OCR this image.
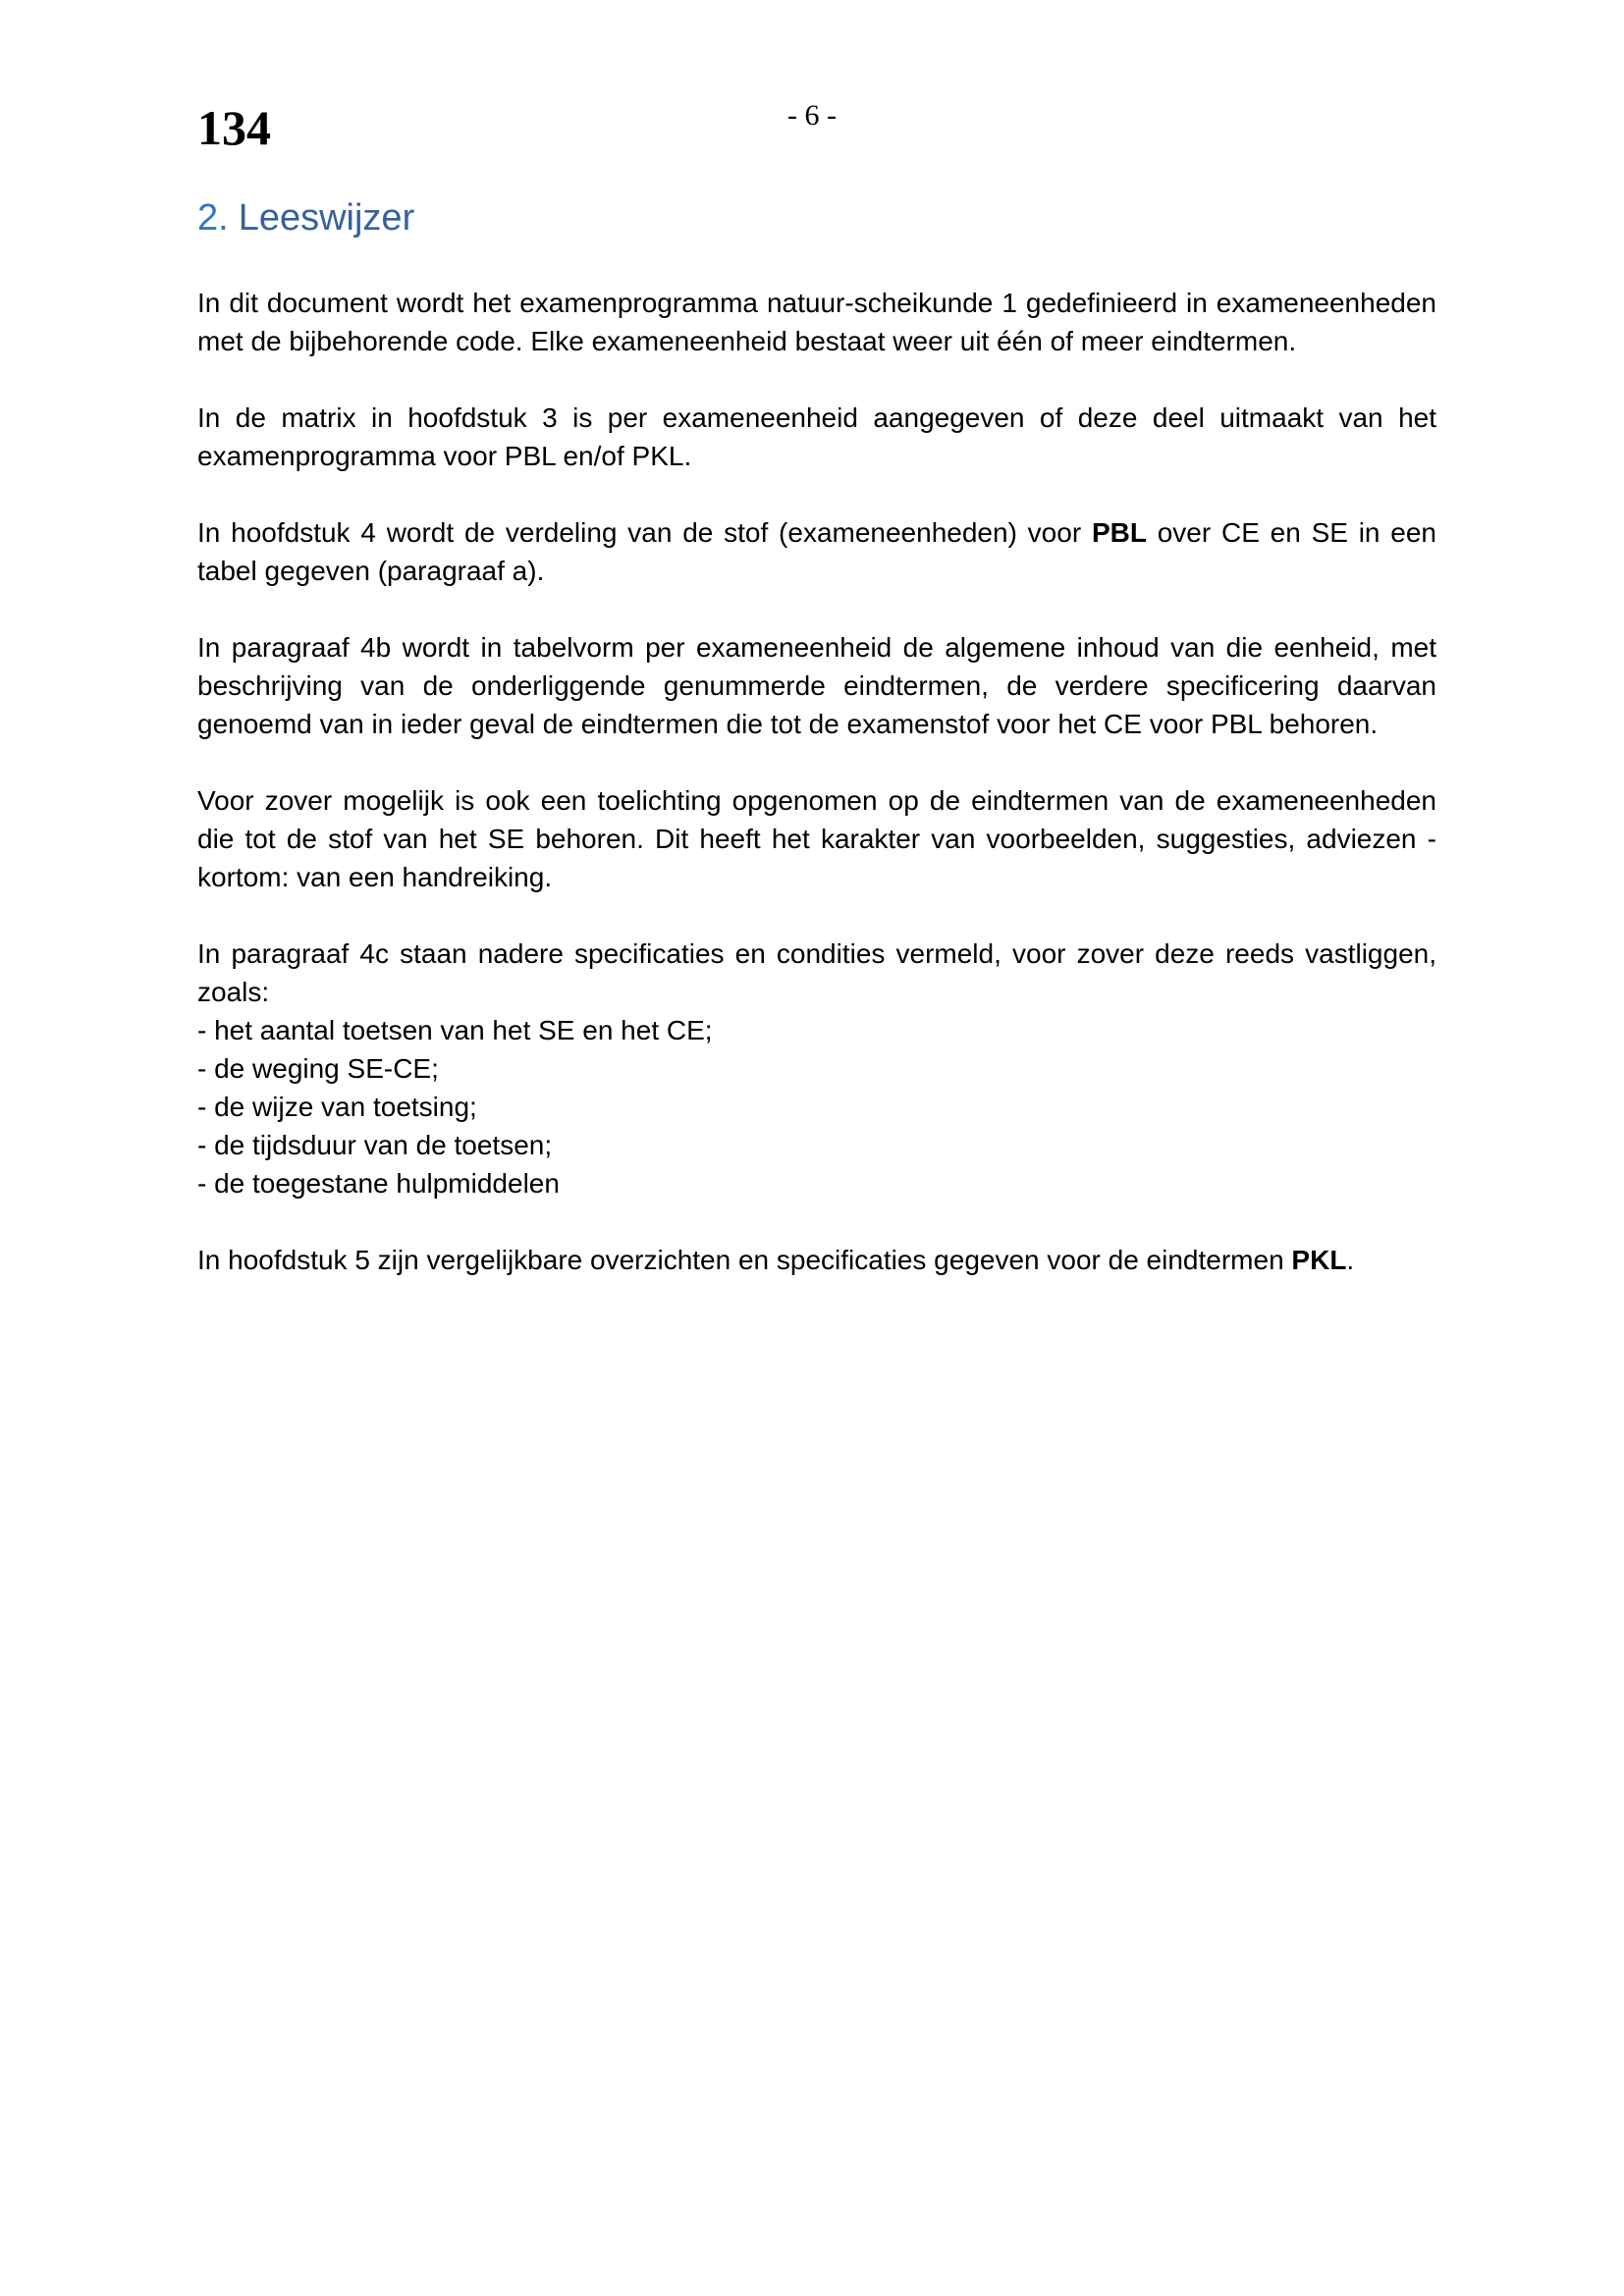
134	- 6 -
2. Leeswijzer

In dit document wordt het examenprogramma natuur-scheikunde 1 gedefinieerd in exameneenheden met de bijbehorende code. Elke exameneenheid bestaat weer uit één of meer eindtermen.

In de matrix in hoofdstuk 3 is per exameneenheid aangegeven of deze deel uitmaakt van het examenprogramma voor PBL en/of PKL.

In hoofdstuk 4 wordt de verdeling van de stof (exameneenheden) voor PBL over CE en SE in een tabel gegeven (paragraaf a).

In paragraaf 4b wordt in tabelvorm per exameneenheid de algemene inhoud van die eenheid, met beschrijving van de onderliggende genummerde eindtermen, de verdere specificering daarvan genoemd van in ieder geval de eindtermen die tot de examenstof voor het CE voor PBL behoren.

Voor zover mogelijk is ook een toelichting opgenomen op de eindtermen van de exameneenheden die tot de stof van het SE behoren. Dit heeft het karakter van voorbeelden, suggesties, adviezen - kortom: van een handreiking.

In paragraaf 4c staan nadere specificaties en condities vermeld, voor zover deze reeds vastliggen, zoals:

- het aantal toetsen van het SE en het CE;
- de weging SE-CE;
- de wijze van toetsing;
- de tijdsduur van de toetsen;
- de toegestane hulpmiddelen

In hoofdstuk 5 zijn vergelijkbare overzichten en specificaties gegeven voor de eindtermen PKL.
